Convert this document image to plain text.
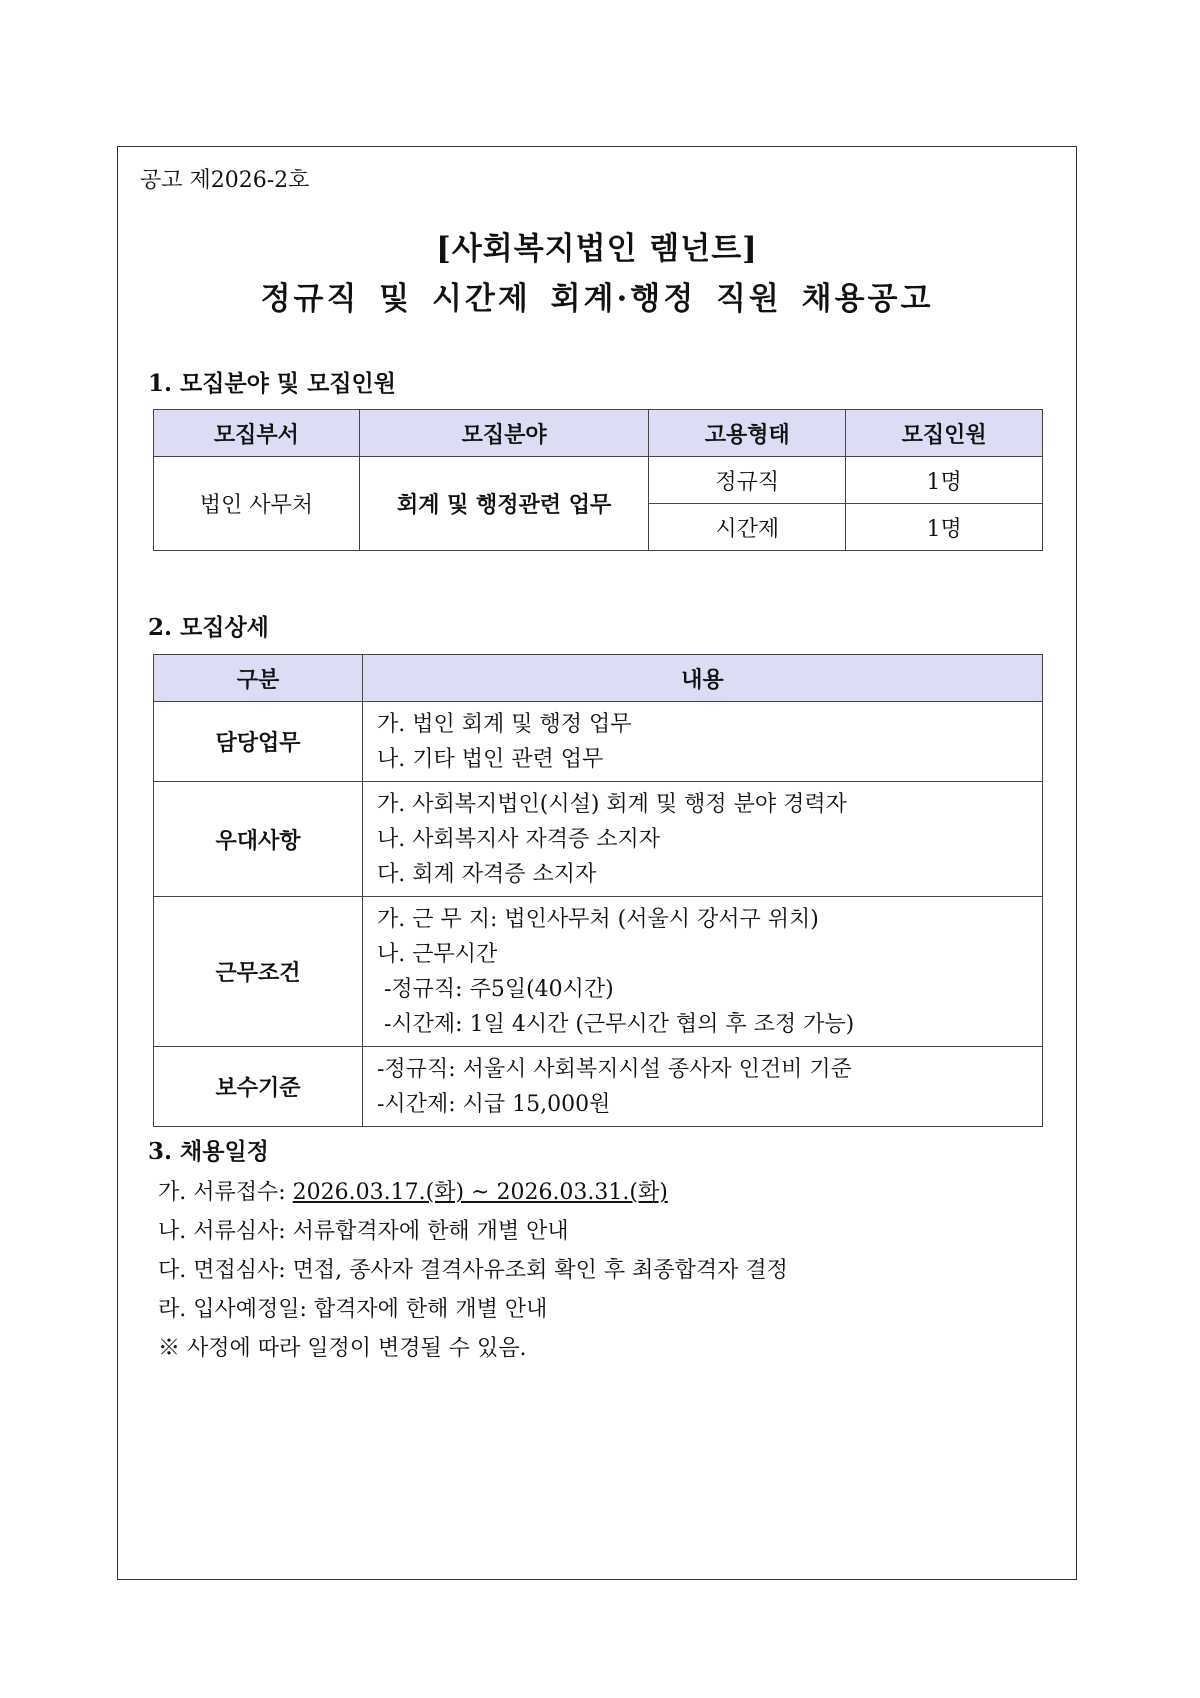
공고 제2026-2호
[사회복지법인 렘넌트]
정규직 및 시간제 회계·행정 직원 채용공고
1. 모집분야 및 모집인원
모집부서	모집분야	고용형태	모집인원
법인 사무처	회계 및 행정관련 업무	정규직	1명
		시간제	1명
2. 모집상세
구분	내용
담당업무	가. 법인 회계 및 행정 업무
나. 기타 법인 관련 업무

우대사항	가. 사회복지법인(시설) 회계 및 행정 분야 경력자
나. 사회복지사 자격증 소지자
다. 회계 자격증 소지자

근무조건	가. 근 무 지: 법인사무처 (서울시 강서구 위치)
나. 근무시간
-정규직: 주5일(40시간)
-시간제: 1일 4시간 (근무시간 협의 후 조정 가능)

보수기준	-정규직: 서울시 사회복지시설 종사자 인건비 기준
-시간제: 시급 15,000원
3. 채용일정
가. 서류접수: 2026.03.17.(화) ~ 2026.03.31.(화)
나. 서류심사: 서류합격자에 한해 개별 안내
다. 면접심사: 면접, 종사자 결격사유조회 확인 후 최종합격자 결정
라. 입사예정일: 합격자에 한해 개별 안내
※ 사정에 따라 일정이 변경될 수 있음.
